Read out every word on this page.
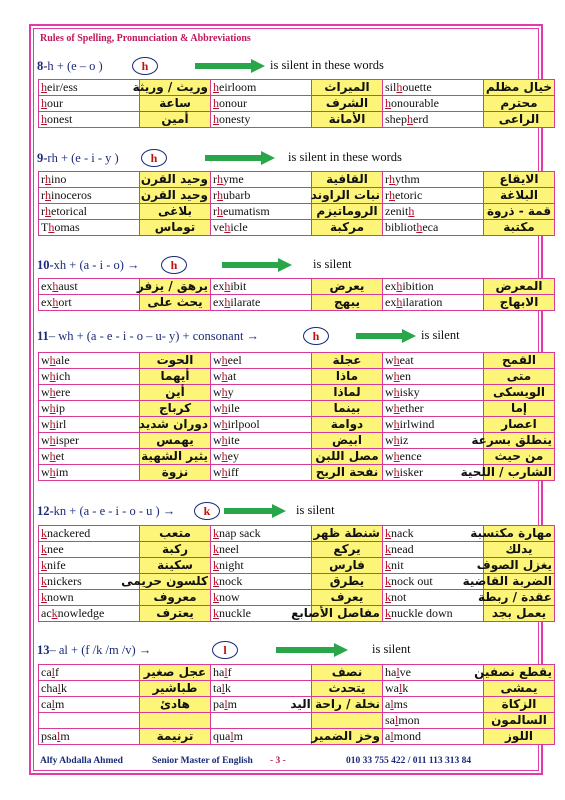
Rules of Spelling, Pronunciation & Abbreviations
8- h + (e – o )	h	is silent in these words
heir/ess	وريث / وريثة	heirloom	الميراث	silhouette	خيال مظلم
hour	ساعة	honour	الشرف	honourable	محترم
honest	أمين	honesty	الأمانة	shepherd	الراعى
9- rh + (e - i - y )	h	is silent in these words
rhino	وحيد القرن	rhyme	القافية	rhythm	الايقاع
rhinoceros	وحيد القرن	rhubarb	نبات الراوند	rhetoric	البلاغة
rhetorical	بلاغى	rheumatism	الروماتيزم	zenith	قمة - ذروة
Thomas	توماس	vehicle	مركبة	bibliotheca	مكتبة
10- xh + (a - i - o) →	h	is silent
exhaust	يرهق / يزفر	exhibit	يعرض	exhibition	المعرض
exhort	يحث على	exhilarate	يبهج	exhilaration	الابهاج
11 – wh + (a - e - i - o – u- y) + consonant →	h	is silent
whale	الحوت	wheel	عجلة	wheat	القمح
which	أيهما	what	ماذا	when	متى
where	أين	why	لماذا	whisky	الويسكى
whip	كرباج	while	بينما	whether	إما
whirl	دوران شديد	whirlpool	دوامة	whirlwind	اعصار
whisper	يهمس	white	ابيض	whiz	ينطلق بسرعة
whet	يثير الشهية	whey	مصل اللبن	whence	من حيث
whim	نزوة	whiff	نفحة الريح	whisker	الشارب / اللحية
12- kn + (a - e - i - o - u ) →	k	is silent
knackered	متعب	knap sack	شنطة ظهر	knack	مهارة مكتسبة
knee	ركبة	kneel	يركع	knead	يدلك
knife	سكينة	knight	فارس	knit	يغزل الصوف
knickers	كلسون حريمى	knock	يطرق	knock out	الضربة القاضية
known	معروف	know	يعرف	knot	عقدة / ربطة
acknowledge	يعترف	knuckle	مفاصل الأصابع	knuckle down	يعمل بجد
13 – al + (f /k /m /v) →	l	is silent
calf	عجل صغير	half	نصف	halve	يقطع نصفين
chalk	طباشير	talk	يتحدث	walk	يمشى
calm	هادئ	palm	نخلة / راحة اليد	alms	الزكاة
				salmon	السالمون
psalm	ترنيمة	qualm	وخز الضمير	almond	اللوز
Alfy Abdalla Ahmed	Senior Master of English - 3 -	010 33 755 422 / 011 113 313 84
